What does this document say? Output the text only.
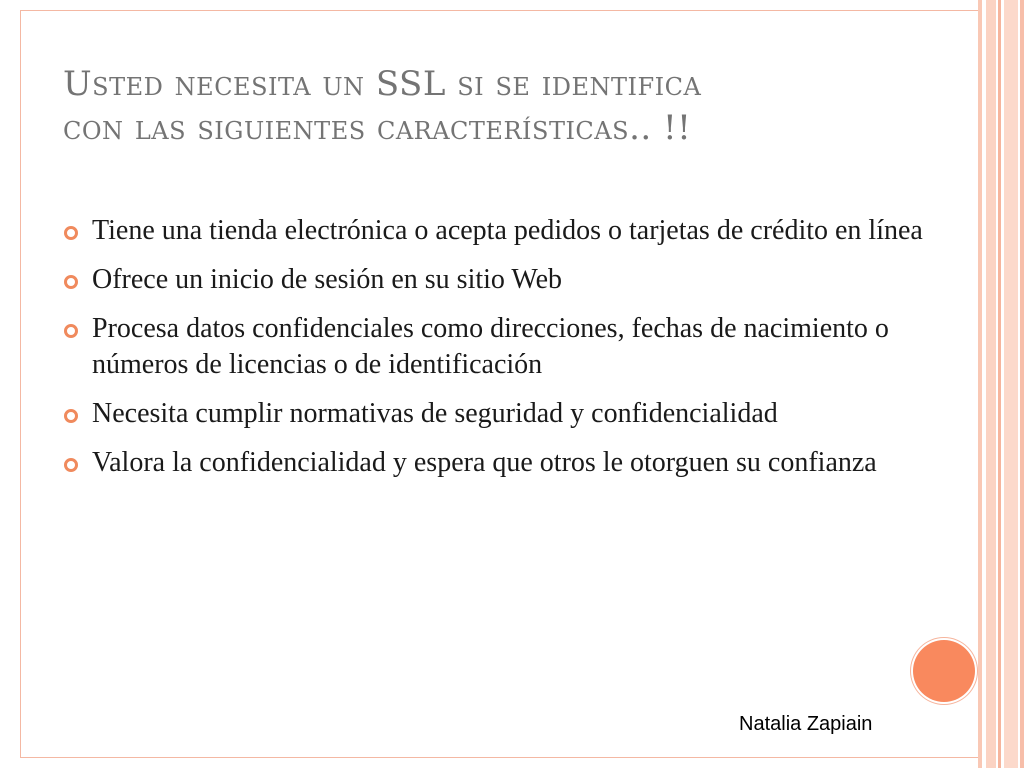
Usted necesita un SSL si se identifica
con las siguientes características.. !!
Tiene una tienda electrónica o acepta pedidos o tarjetas de crédito en línea
Ofrece un inicio de sesión en su sitio Web
Procesa datos confidenciales como direcciones, fechas de nacimiento o números de licencias o de identificación
Necesita cumplir normativas de seguridad y confidencialidad
Valora la confidencialidad y espera que otros le otorguen su confianza
Natalia Zapiain
